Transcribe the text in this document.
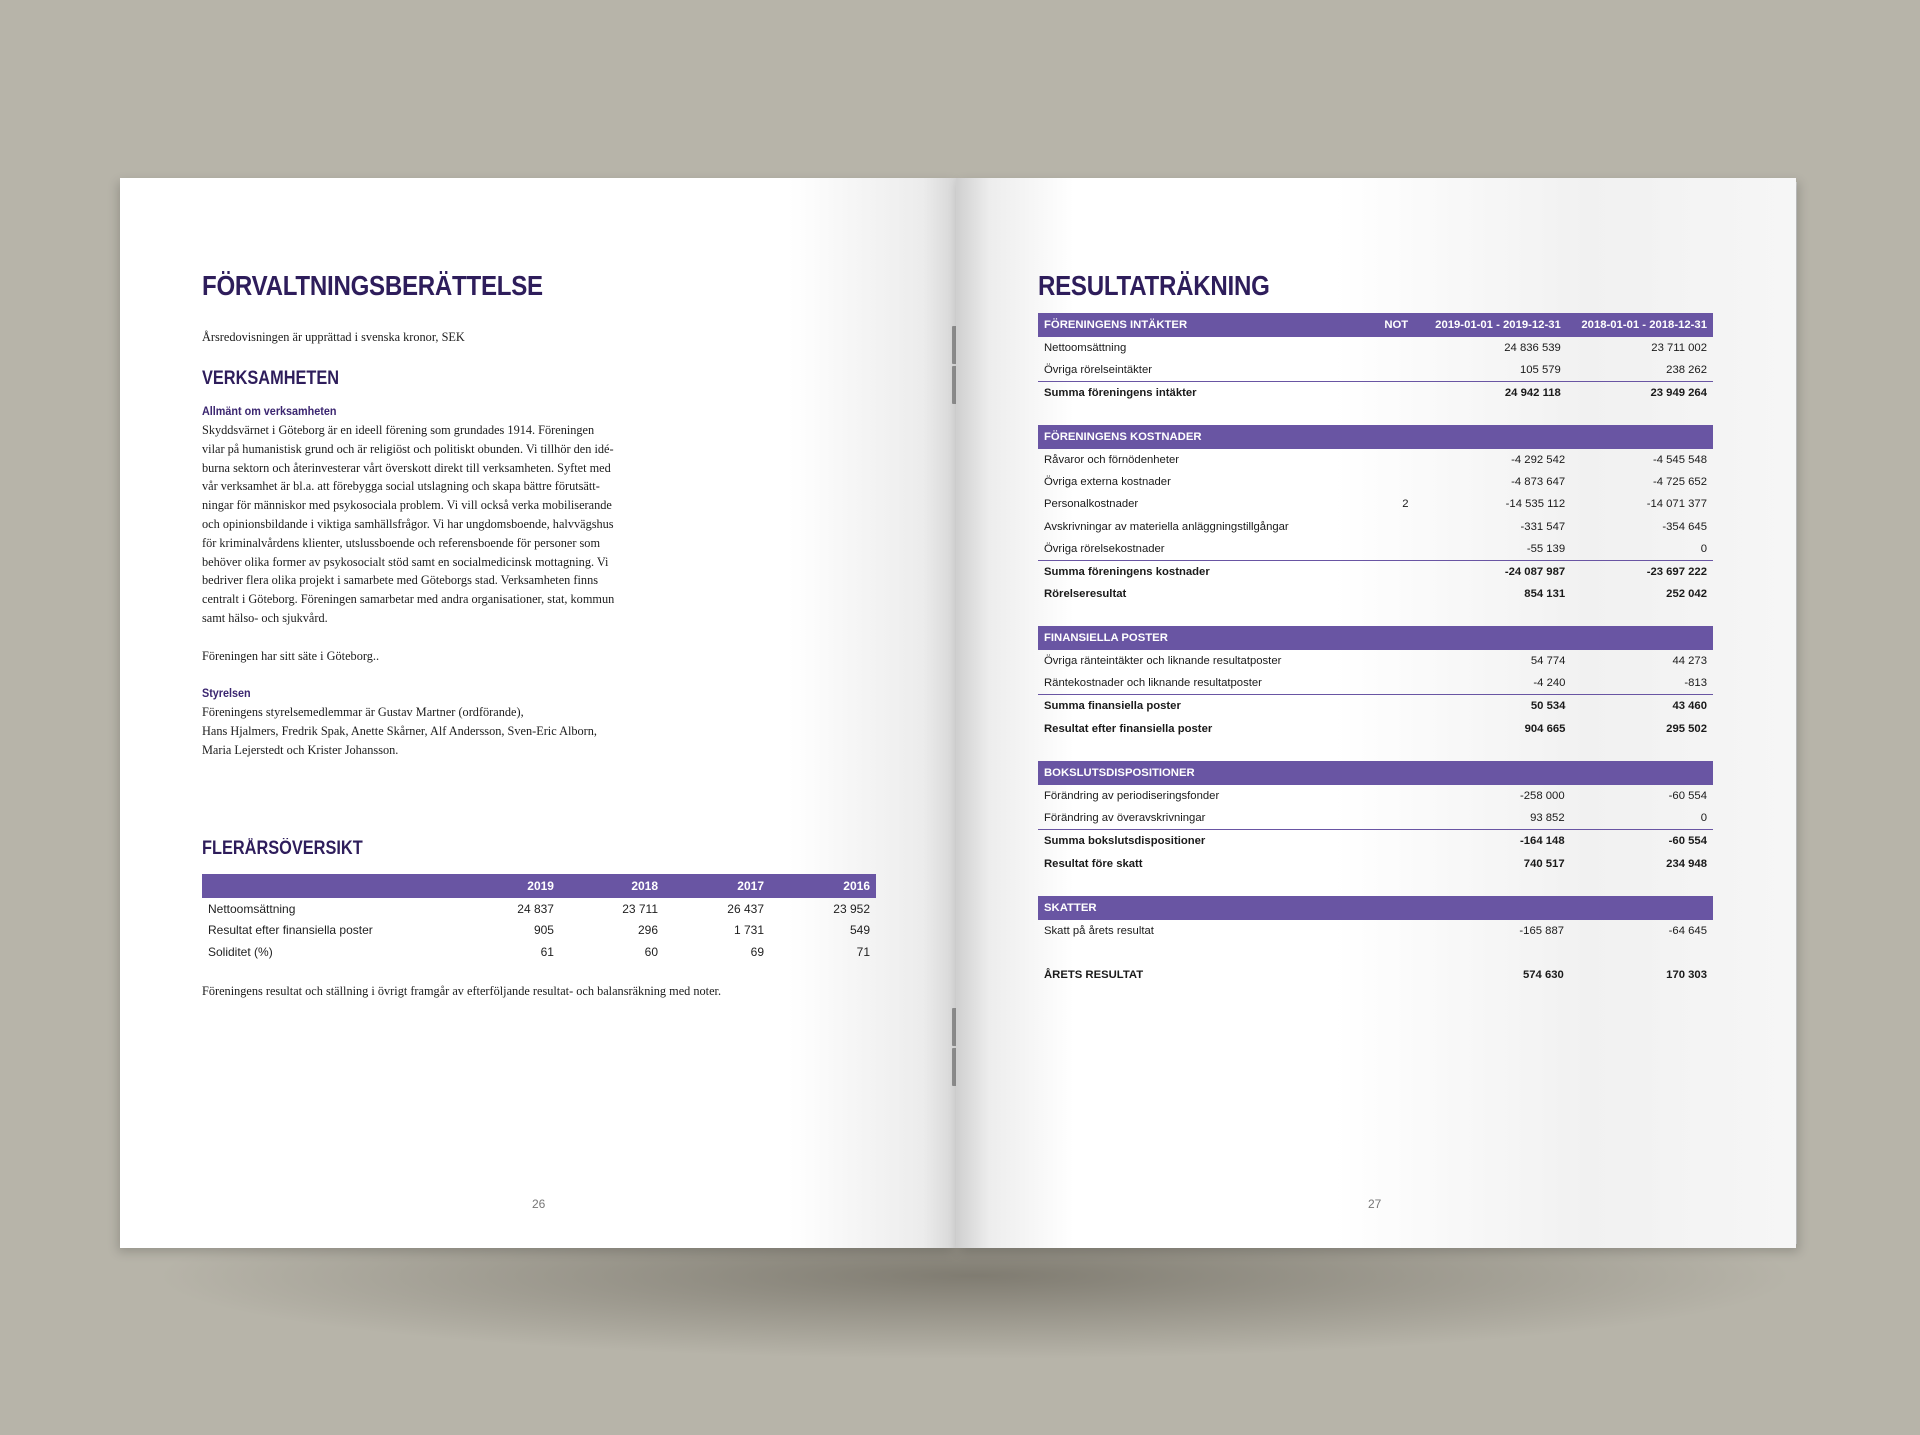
FÖRVALTNINGSBERÄTTELSE
Årsredovisningen är upprättad i svenska kronor, SEK
VERKSAMHETEN
Allmänt om verksamheten
Skyddsvärnet i Göteborg är en ideell förening som grundades 1914. Föreningen
vilar på humanistisk grund och är religiöst och politiskt obunden. Vi tillhör den idé-
burna sektorn och återinvesterar vårt överskott direkt till verksamheten. Syftet med
vår verksamhet är bl.a. att förebygga social utslagning och skapa bättre förutsätt-
ningar för människor med psykosociala problem. Vi vill också verka mobiliserande
och opinionsbildande i viktiga samhällsfrågor. Vi har ungdomsboende, halvvägshus
för kriminalvårdens klienter, utslussboende och referensboende för personer som
behöver olika former av psykosocialt stöd samt en socialmedicinsk mottagning. Vi
bedriver flera olika projekt i samarbete med Göteborgs stad. Verksamheten finns
centralt i Göteborg. Föreningen samarbetar med andra organisationer, stat, kommun
samt hälso- och sjukvård.
Föreningen har sitt säte i Göteborg..
Styrelsen
Föreningens styrelsemedlemmar är Gustav Martner (ordförande),
Hans Hjalmers, Fredrik Spak, Anette Skårner, Alf Andersson, Sven-Eric Alborn,
Maria Lejerstedt och Krister Johansson.
FLERÅRSÖVERSIKT
	2019	2018	2017	2016
Nettoomsättning	24 837	23 711	26 437	23 952
Resultat efter finansiella poster	905	296	1 731	549
Soliditet (%)	61	60	69	71
Föreningens resultat och ställning i övrigt framgår av efterföljande resultat- och balansräkning med noter.
26
RESULTATRÄKNING
FÖRENINGENS INTÄKTER	NOT	2019-01-01 - 2019-12-31	2018-01-01 - 2018-12-31
Nettoomsättning		24 836 539	23 711 002
Övriga rörelseintäkter		105 579	238 262
Summa föreningens intäkter		24 942 118	23 949 264
FÖRENINGENS KOSTNADER			
Råvaror och förnödenheter		-4 292 542	-4 545 548
Övriga externa kostnader		-4 873 647	-4 725 652
Personalkostnader	2	-14 535 112	-14 071 377
Avskrivningar av materiella anläggningstillgångar		-331 547	-354 645
Övriga rörelsekostnader		-55 139	0
Summa föreningens kostnader		-24 087 987	-23 697 222
Rörelseresultat		854 131	252 042
FINANSIELLA POSTER			
Övriga ränteintäkter och liknande resultatposter		54 774	44 273
Räntekostnader och liknande resultatposter		-4 240	-813
Summa finansiella poster		50 534	43 460
Resultat efter finansiella poster		904 665	295 502
BOKSLUTSDISPOSITIONER			
Förändring av periodiseringsfonder		-258 000	-60 554
Förändring av överavskrivningar		93 852	0
Summa bokslutsdispositioner		-164 148	-60 554
Resultat före skatt		740 517	234 948
SKATTER			
Skatt på årets resultat		-165 887	-64 645
ÅRETS RESULTAT		574 630	170 303
27
